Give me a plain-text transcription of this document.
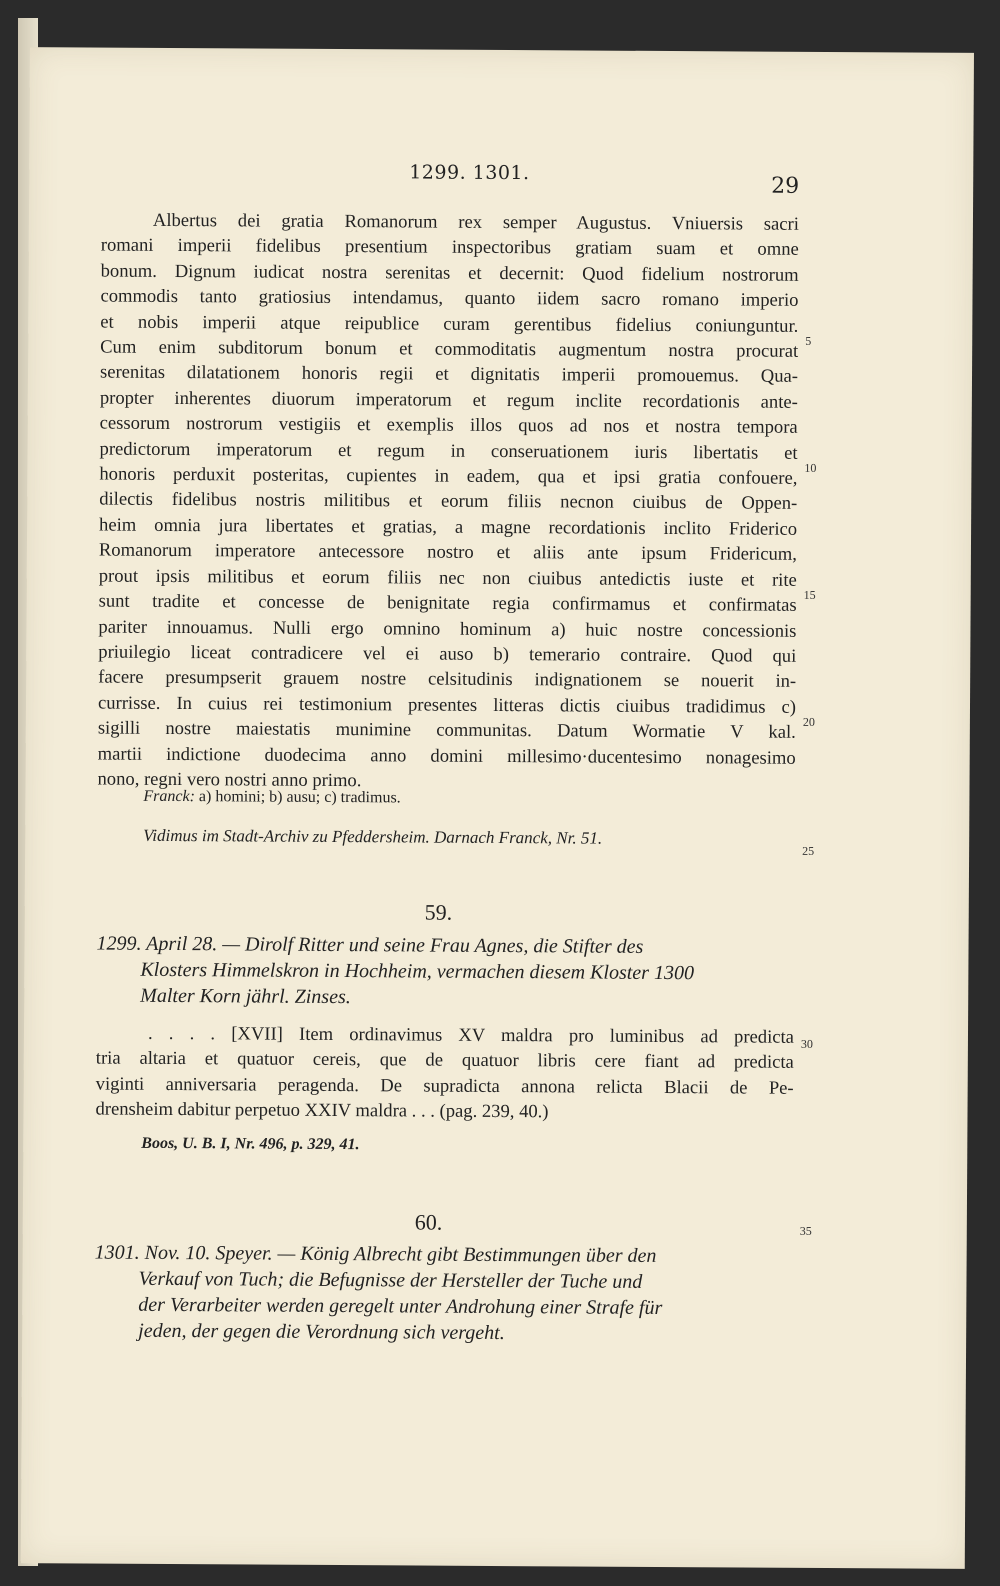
1299. 1301.
29
Albertus dei gratia Romanorum rex semper Augustus. Vniuersis sacri
romani imperii fidelibus presentium inspectoribus gratiam suam et omne
bonum. Dignum iudicat nostra serenitas et decernit: Quod fidelium nostrorum
commodis tanto gratiosius intendamus, quanto iidem sacro romano imperio
et nobis imperii atque reipublice curam gerentibus fidelius coniunguntur.
Cum enim subditorum bonum et commoditatis augmentum nostra procurat
serenitas dilatationem honoris regii et dignitatis imperii promouemus. Qua-
propter inherentes diuorum imperatorum et regum inclite recordationis ante-
cessorum nostrorum vestigiis et exemplis illos quos ad nos et nostra tempora
predictorum imperatorum et regum in conseruationem iuris libertatis et
honoris perduxit posteritas, cupientes in eadem, qua et ipsi gratia confouere,
dilectis fidelibus nostris militibus et eorum filiis necnon ciuibus de Oppen-
heim omnia jura libertates et gratias, a magne recordationis inclito Friderico
Romanorum imperatore antecessore nostro et aliis ante ipsum Fridericum,
prout ipsis militibus et eorum filiis nec non ciuibus antedictis iuste et rite
sunt tradite et concesse de benignitate regia confirmamus et confirmatas
pariter innouamus. Nulli ergo omnino hominum a) huic nostre concessionis
priuilegio liceat contradicere vel ei auso b) temerario contraire. Quod qui
facere presumpserit grauem nostre celsitudinis indignationem se nouerit in-
currisse. In cuius rei testimonium presentes litteras dictis ciuibus tradidimus c)
sigilli nostre maiestatis munimine communitas. Datum Wormatie V kal.
martii indictione duodecima anno domini millesimo·ducentesimo nonagesimo
nono, regni vero nostri anno primo.
5
10
15
20
25
Franck: a) homini; b) ausu; c) tradimus.
Vidimus im Stadt-Archiv zu Pfeddersheim. Darnach Franck, Nr. 51.
59.
1299. April 28. — Dirolf Ritter und seine Frau Agnes, die Stifter des
Klosters Himmelskron in Hochheim, vermachen diesem Kloster 1300
Malter Korn jährl. Zinses.
. . . . [XVII] Item ordinavimus XV maldra pro luminibus ad predicta
tria altaria et quatuor cereis, que de quatuor libris cere fiant ad predicta
viginti anniversaria peragenda. De supradicta annona relicta Blacii de Pe-
drensheim dabitur perpetuo XXIV maldra . . . (pag. 239, 40.)
30
Boos, U. B. I, Nr. 496, p. 329, 41.
60.	35
1301. Nov. 10. Speyer. — König Albrecht gibt Bestimmungen über den
Verkauf von Tuch; die Befugnisse der Hersteller der Tuche und
der Verarbeiter werden geregelt unter Androhung einer Strafe für
jeden, der gegen die Verordnung sich vergeht.
